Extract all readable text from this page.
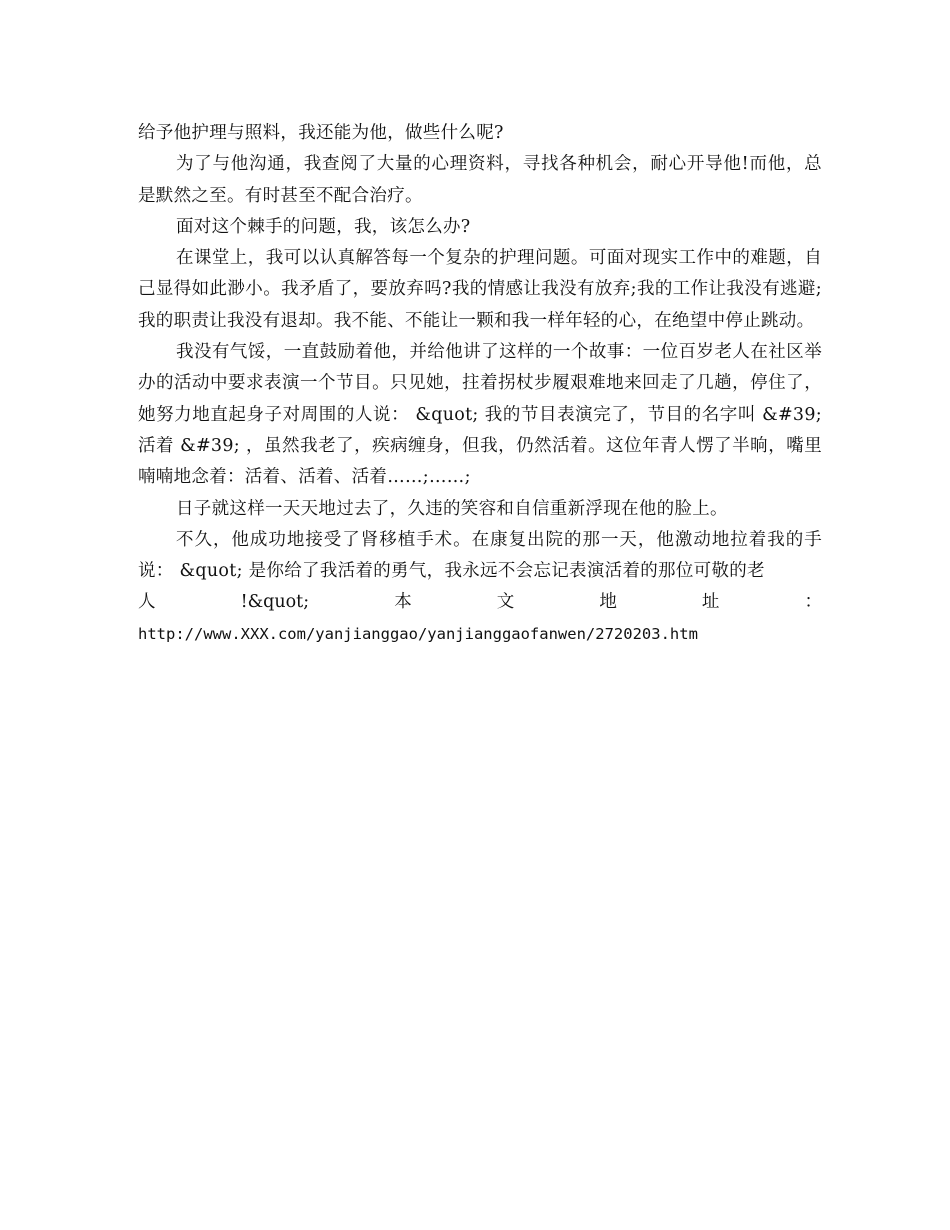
给予他护理与照料，我还能为他，做些什么呢?

为了与他沟通，我查阅了大量的心理资料，寻找各种机会，耐心开导他!而他，总是默然之至。有时甚至不配合治疗。

面对这个棘手的问题，我，该怎么办?

在课堂上，我可以认真解答每一个复杂的护理问题。可面对现实工作中的难题，自己显得如此渺小。我矛盾了，要放弃吗?我的情感让我没有放弃;我的工作让我没有逃避;我的职责让我没有退却。我不能、不能让一颗和我一样年轻的心，在绝望中停止跳动。

我没有气馁，一直鼓励着他，并给他讲了这样的一个故事：一位百岁老人在社区举办的活动中要求表演一个节目。只见她，拄着拐杖步履艰难地来回走了几趟，停住了，她努力地直起身子对周围的人说： &quot; 我的节目表演完了，节目的名字叫 &#39; 活着 &#39; ，虽然我老了，疾病缠身，但我，仍然活着。这位年青人愣了半晌，嘴里喃喃地念着：活着、活着、活着……;……;

日子就这样一天天地过去了，久违的笑容和自信重新浮现在他的脸上。

不久，他成功地接受了肾移植手术。在康复出院的那一天，他激动地拉着我的手说： &quot; 是你给了我活着的勇气，我永远不会忘记表演活着的那位可敬的老

人	!&quot;	本	文	地	址	：

http://www.XXX.com/yanjianggao/yanjianggaofanwen/2720203.htm
